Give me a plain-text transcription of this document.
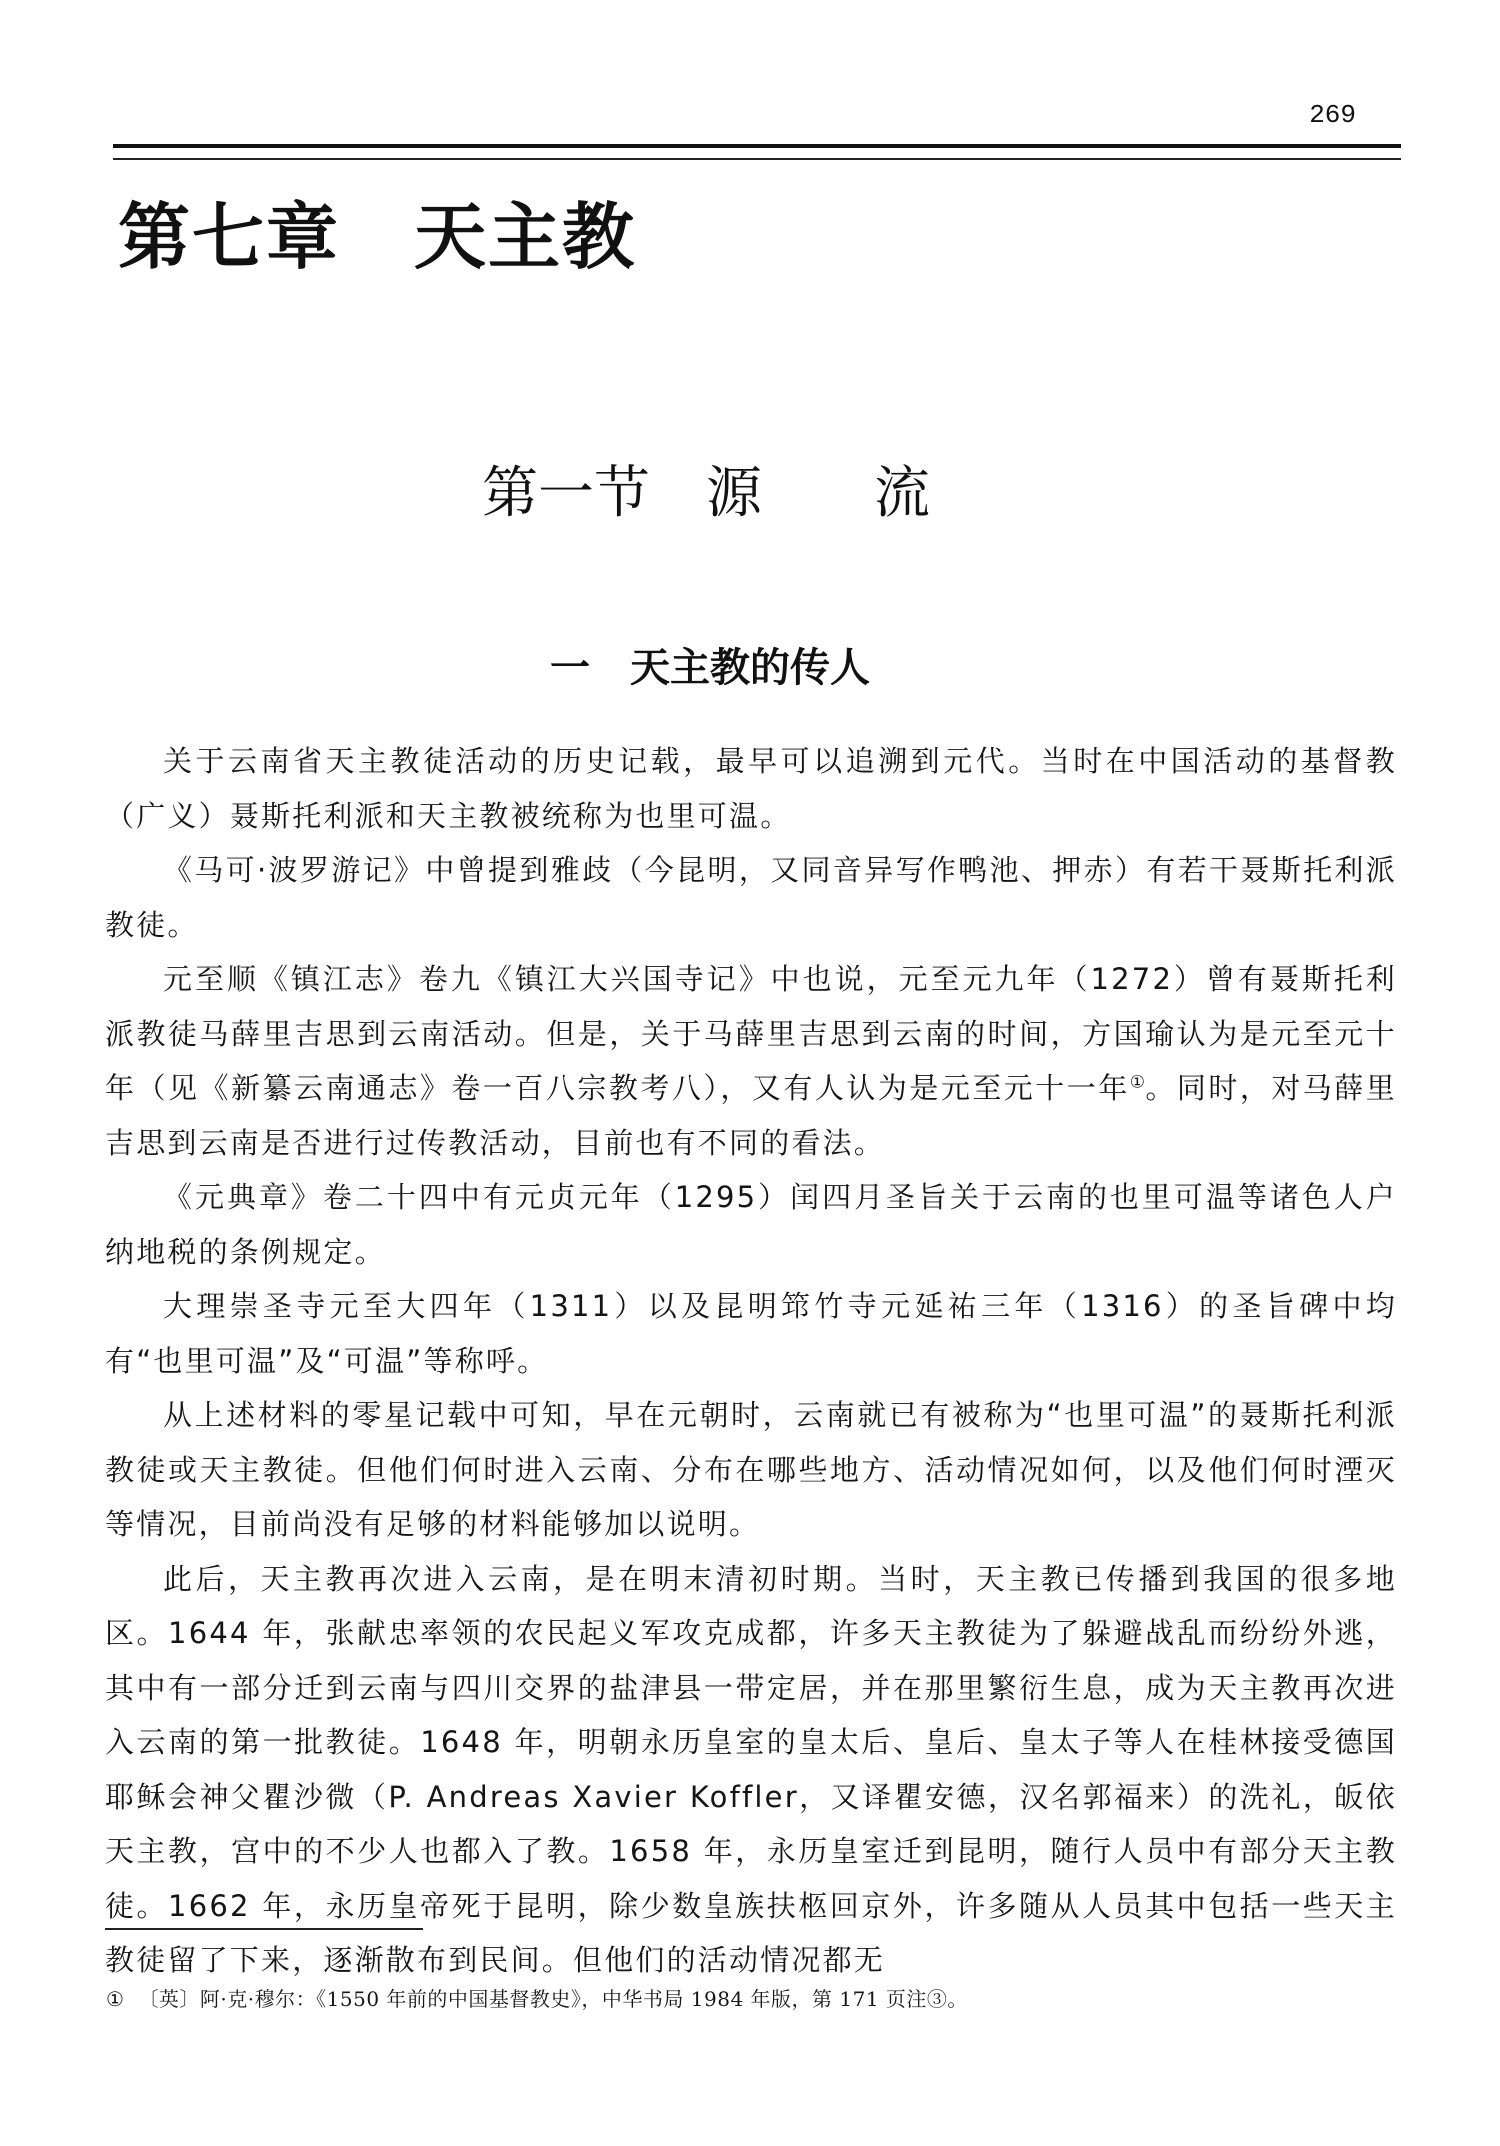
269
第七章　天主教
第一节　源　　流
一　天主教的传人

关于云南省天主教徒活动的历史记载，最早可以追溯到元代。当时在中国活动的基督教（广义）聂斯托利派和天主教被统称为也里可温。

《马可·波罗游记》中曾提到雅歧（今昆明，又同音异写作鸭池、押赤）有若干聂斯托利派教徒。

元至顺《镇江志》卷九《镇江大兴国寺记》中也说，元至元九年（1272）曾有聂斯托利派教徒马薛里吉思到云南活动。但是，关于马薛里吉思到云南的时间，方国瑜认为是元至元十年（见《新纂云南通志》卷一百八宗教考八），又有人认为是元至元十一年①。同时，对马薛里吉思到云南是否进行过传教活动，目前也有不同的看法。

《元典章》卷二十四中有元贞元年（1295）闰四月圣旨关于云南的也里可温等诸色人户纳地税的条例规定。

大理崇圣寺元至大四年（1311）以及昆明筇竹寺元延祐三年（1316）的圣旨碑中均有“也里可温”及“可温”等称呼。

从上述材料的零星记载中可知，早在元朝时，云南就已有被称为“也里可温”的聂斯托利派教徒或天主教徒。但他们何时进入云南、分布在哪些地方、活动情况如何，以及他们何时湮灭等情况，目前尚没有足够的材料能够加以说明。

此后，天主教再次进入云南，是在明末清初时期。当时，天主教已传播到我国的很多地区。1644 年，张献忠率领的农民起义军攻克成都，许多天主教徒为了躲避战乱而纷纷外逃，其中有一部分迁到云南与四川交界的盐津县一带定居，并在那里繁衍生息，成为天主教再次进入云南的第一批教徒。1648 年，明朝永历皇室的皇太后、皇后、皇太子等人在桂林接受德国耶稣会神父瞿沙微（P. Andreas Xavier Koffler，又译瞿安德，汉名郭福来）的洗礼，皈依天主教，宫中的不少人也都入了教。1658 年，永历皇室迁到昆明，随行人员中有部分天主教徒。1662 年，永历皇帝死于昆明，除少数皇族扶柩回京外，许多随从人员其中包括一些天主教徒留了下来，逐渐散布到民间。但他们的活动情况都无

① 〔英〕阿·克·穆尔：《1550 年前的中国基督教史》，中华书局 1984 年版，第 171 页注③。
